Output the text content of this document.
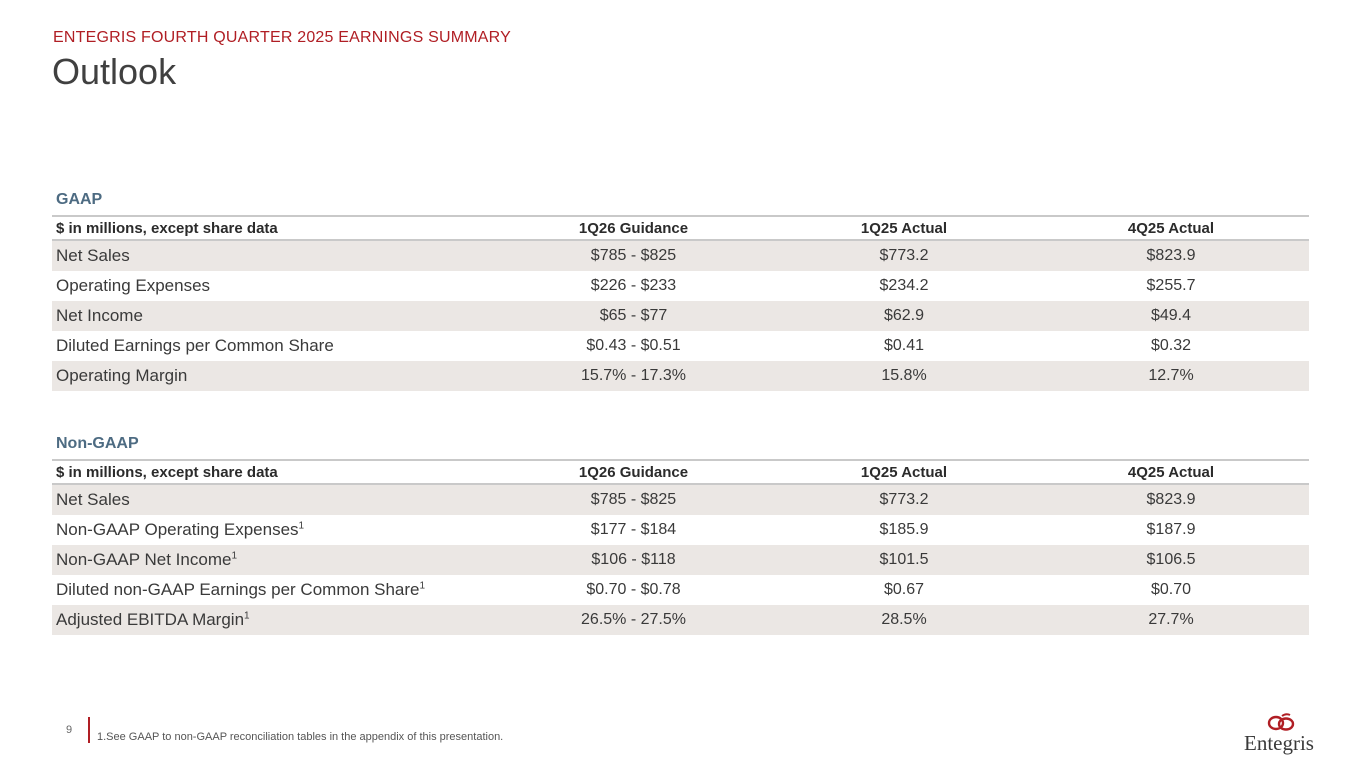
ENTEGRIS FOURTH QUARTER 2025 EARNINGS SUMMARY
Outlook
GAAP
$ in millions, except share data	1Q26 Guidance	1Q25 Actual	4Q25 Actual
Net Sales	$785 - $825	$773.2	$823.9
Operating Expenses	$226 - $233	$234.2	$255.7
Net Income	$65 - $77	$62.9	$49.4
Diluted Earnings per Common Share	$0.43 - $0.51	$0.41	$0.32
Operating Margin	15.7% - 17.3%	15.8%	12.7%
Non-GAAP
$ in millions, except share data	1Q26 Guidance	1Q25 Actual	4Q25 Actual
Net Sales	$785 - $825	$773.2	$823.9
Non-GAAP Operating Expenses$^1$	$177 - $184	$185.9	$187.9
Non-GAAP Net Income$^1$	$106 - $118	$101.5	$106.5
Diluted non-GAAP Earnings per Common Share$^1$	$0.70 - $0.78	$0.67	$0.70
Adjusted EBITDA Margin$^1$	26.5% - 27.5%	28.5%	27.7%
9
1.See GAAP to non-GAAP reconciliation tables in the appendix of this presentation.	Entegris
